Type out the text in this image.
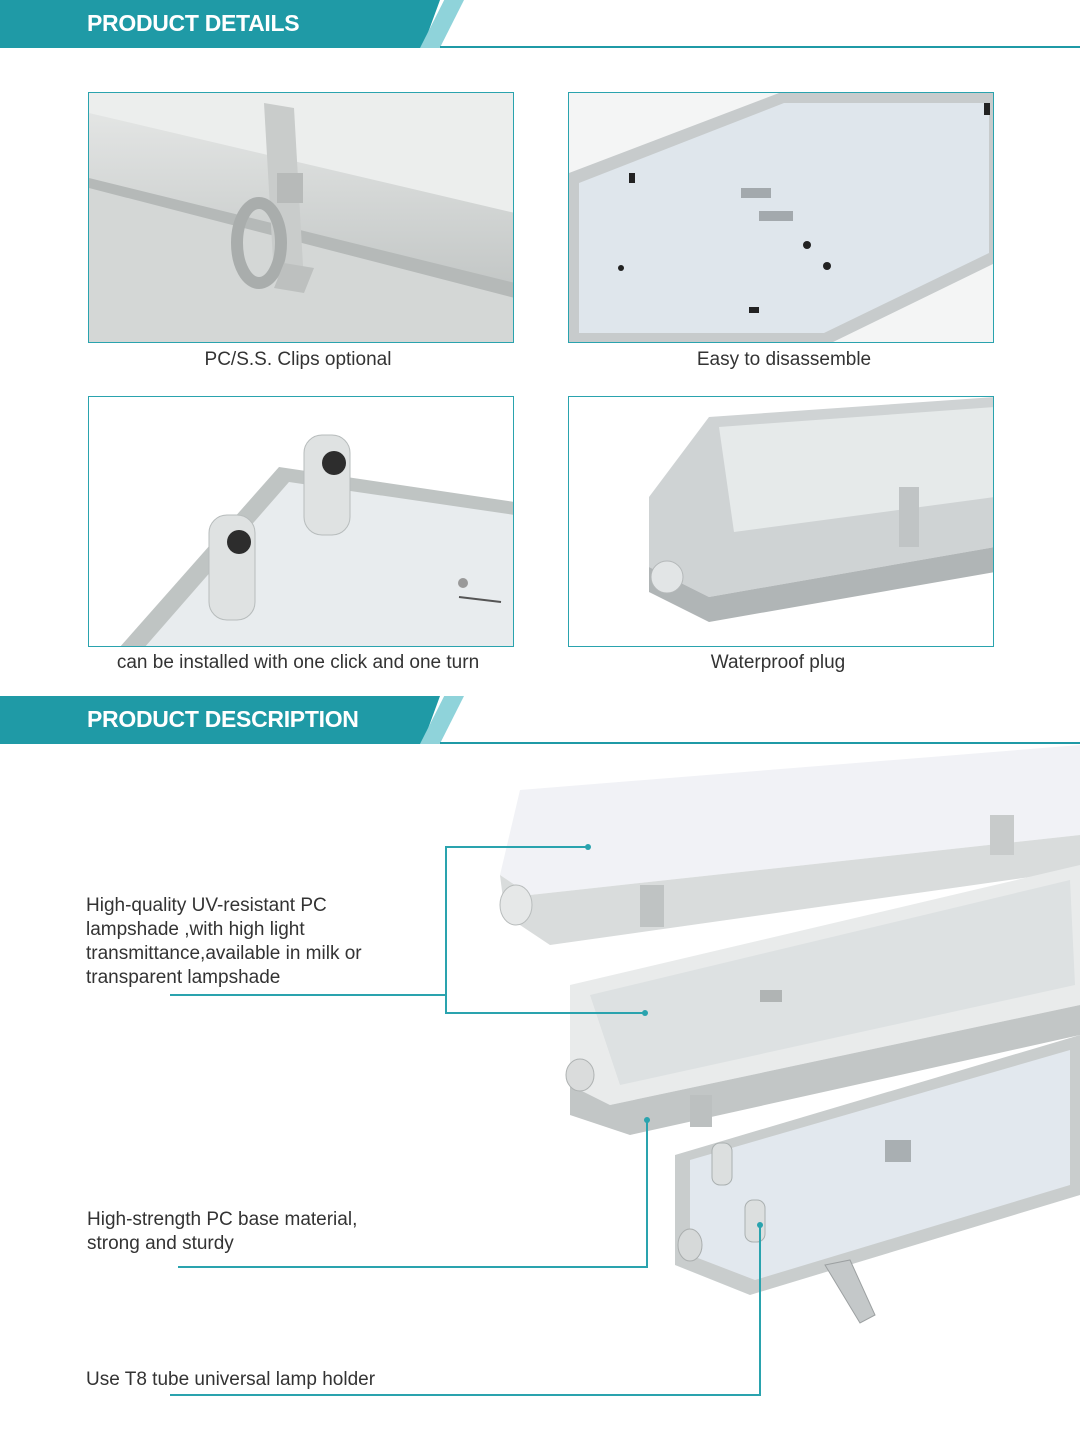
PRODUCT DETAILS
PC/S.S. Clips optional	Easy to disassemble
can be installed with one click and one turn	Waterproof plug
PRODUCT DESCRIPTION
High-quality UV-resistant PC lampshade ,with high light transmittance,available in milk or transparent lampshade
High-strength PC base material, strong and sturdy
Use T8 tube universal lamp holder
